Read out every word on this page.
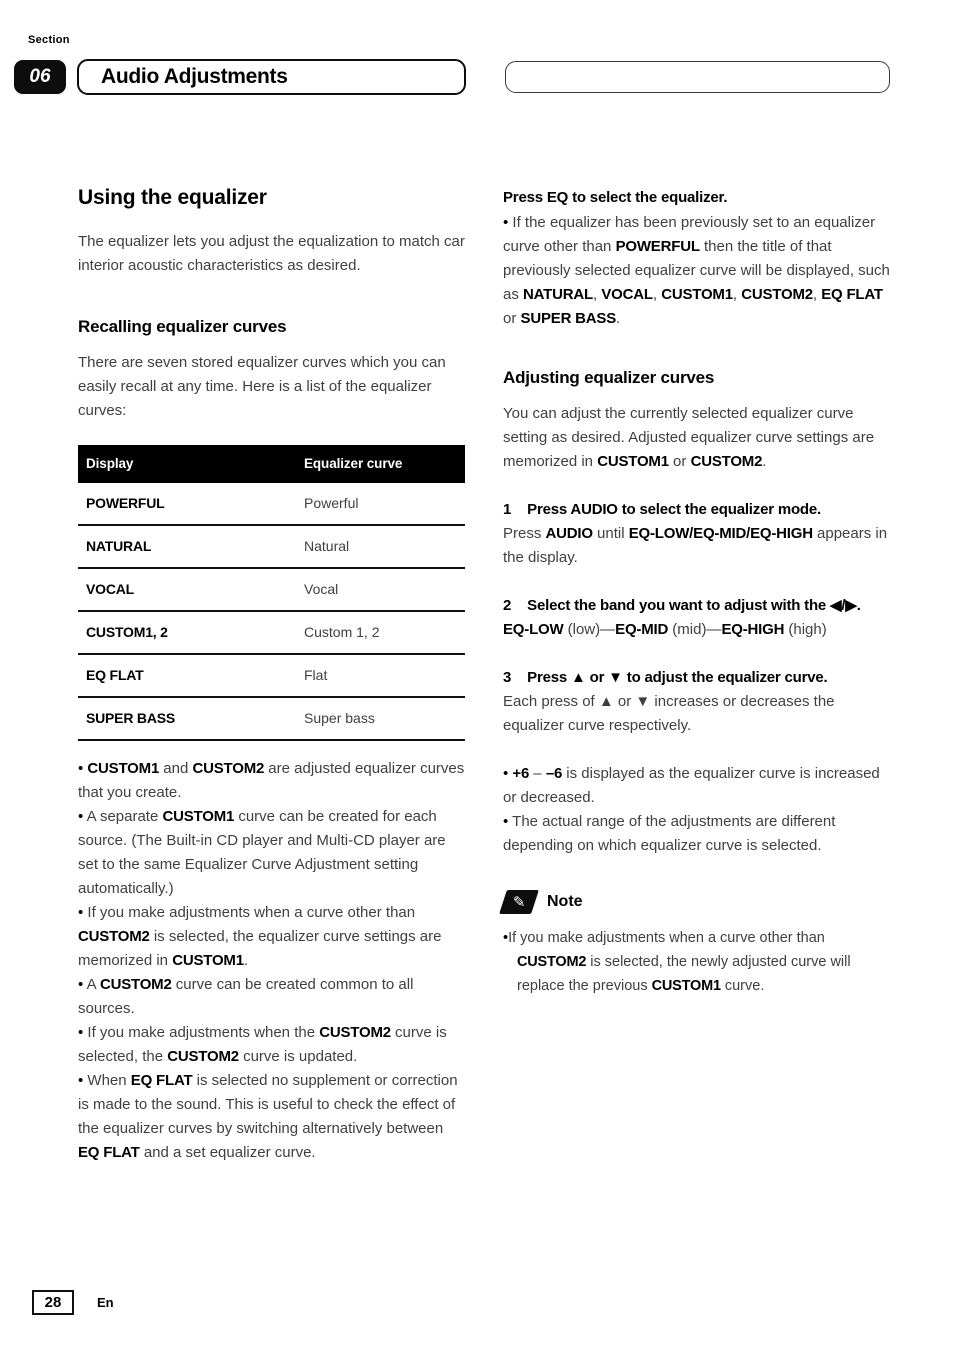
Section
06	Audio Adjustments
Using the equalizer

The equalizer lets you adjust the equalization to match car interior acoustic characteristics as desired.

Recalling equalizer curves

There are seven stored equalizer curves which you can easily recall at any time. Here is a list of the equalizer curves:

Display	Equalizer curve
POWERFUL	Powerful
NATURAL	Natural
VOCAL	Vocal
CUSTOM1, 2	Custom 1, 2
EQ FLAT	Flat
SUPER BASS	Super bass
• CUSTOM1 and CUSTOM2 are adjusted equalizer curves that you create.
• A separate CUSTOM1 curve can be created for each source. (The Built-in CD player and Multi-CD player are set to the same Equalizer Curve Adjustment setting automatically.)
• If you make adjustments when a curve other than CUSTOM2 is selected, the equalizer curve settings are memorized in CUSTOM1.
• A CUSTOM2 curve can be created common to all sources.
• If you make adjustments when the CUSTOM2 curve is selected, the CUSTOM2 curve is updated.
• When EQ FLAT is selected no supplement or correction is made to the sound. This is useful to check the effect of the equalizer curves by switching alternatively between EQ FLAT and a set equalizer curve.

Press EQ to select the equalizer.

• If the equalizer has been previously set to an equalizer curve other than POWERFUL then the title of that previously selected equalizer curve will be displayed, such as NATURAL, VOCAL, CUSTOM1, CUSTOM2, EQ FLAT or SUPER BASS.
Adjusting equalizer curves

You can adjust the currently selected equalizer curve setting as desired. Adjusted equalizer curve settings are memorized in CUSTOM1 or CUSTOM2.

1 Press AUDIO to select the equalizer mode.

Press AUDIO until EQ-LOW/EQ-MID/EQ-HIGH appears in the display.

2 Select the band you want to adjust with the ◀/▶.

EQ-LOW (low)—EQ-MID (mid)—EQ-HIGH (high)

3 Press ▲ or ▼ to adjust the equalizer curve.

Each press of ▲ or ▼ increases or decreases the equalizer curve respectively.

• +6 – –6 is displayed as the equalizer curve is increased or decreased.
• The actual range of the adjustments are different depending on which equalizer curve is selected.
✎ Note
• If you make adjustments when a curve other than CUSTOM2 is selected, the newly adjusted curve will replace the previous CUSTOM1 curve.
28	En
